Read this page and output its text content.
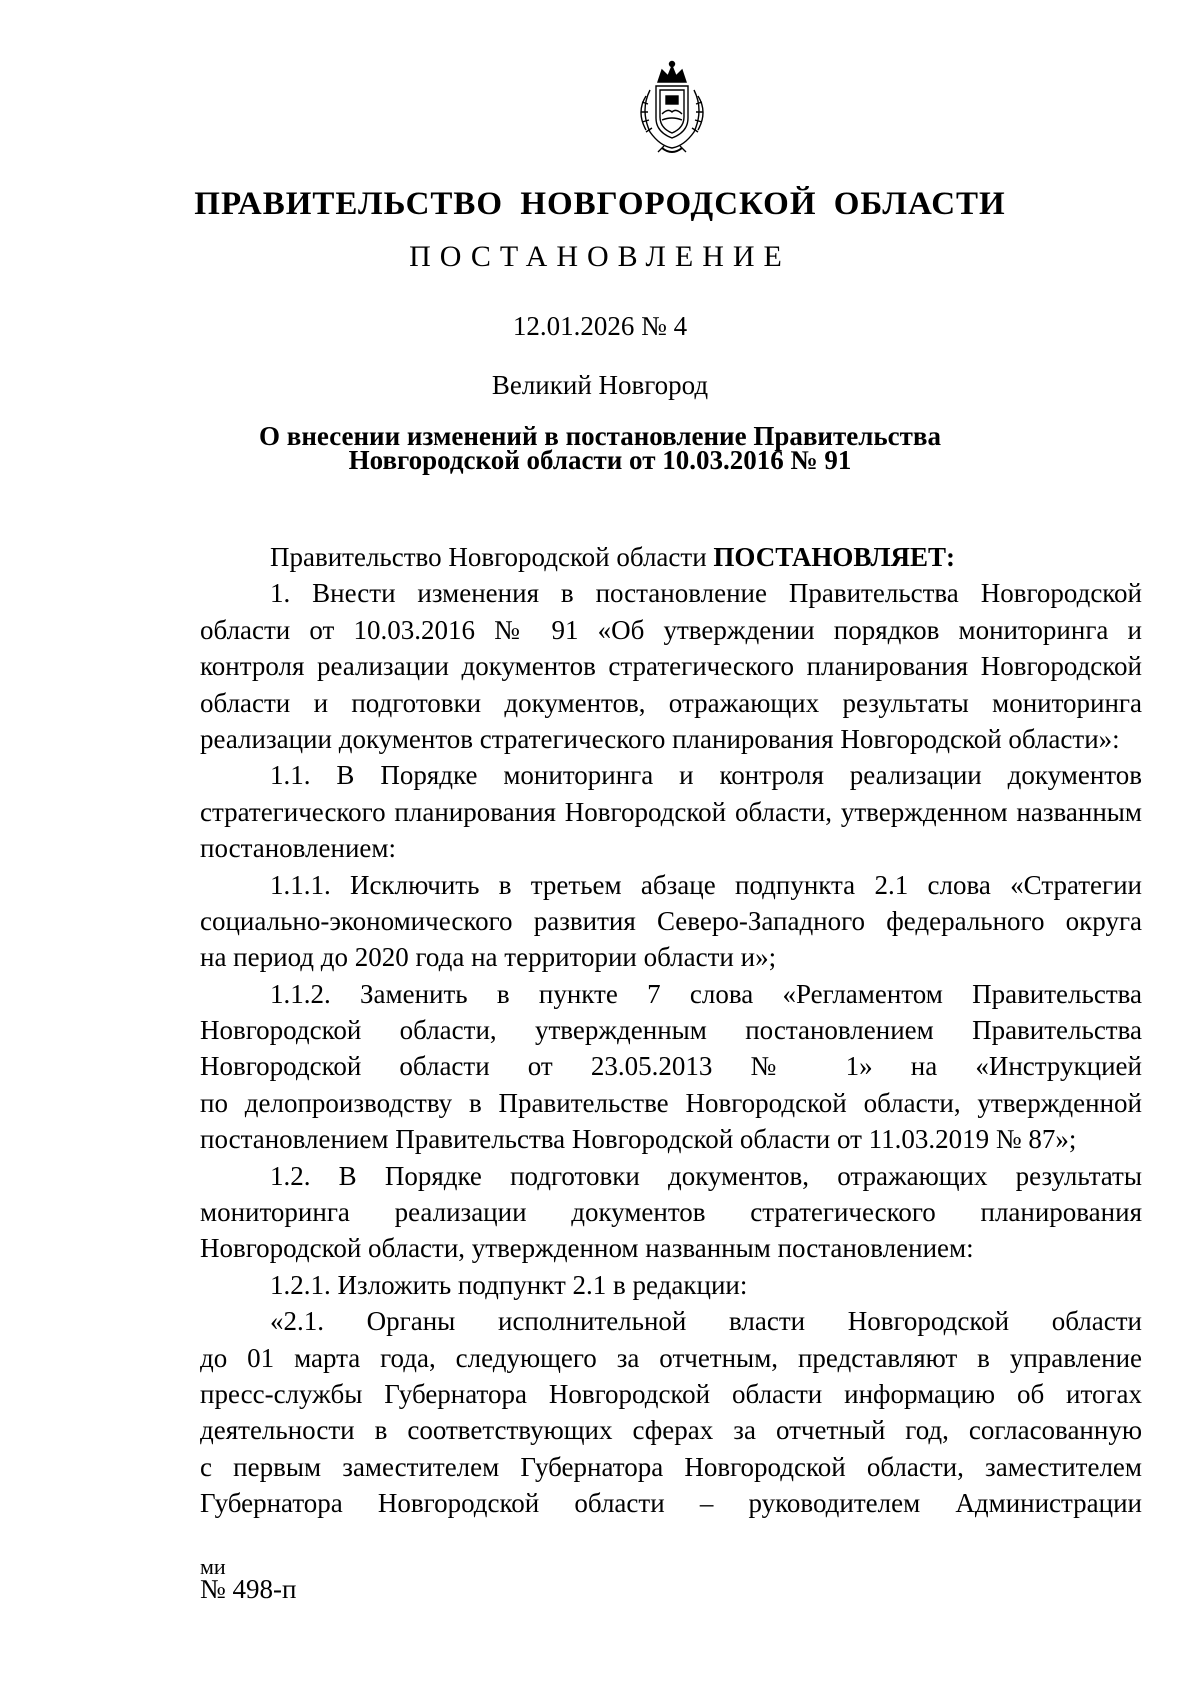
ПРАВИТЕЛЬСТВО НОВГОРОДСКОЙ ОБЛАСТИ
ПОСТАНОВЛЕНИЕ
12.01.2026 № 4
Великий Новгород
О внесении изменений в постановление Правительства
Новгородской области от 10.03.2016 № 91
Правительство Новгородской области ПОСТАНОВЛЯЕТ:
1. Внести изменения в постановление Правительства Новгородской
области от 10.03.2016 № 91 «Об утверждении порядков мониторинга и
контроля реализации документов стратегического планирования Новгородской
области и подготовки документов, отражающих результаты мониторинга
реализации документов стратегического планирования Новгородской области»:
1.1. В Порядке мониторинга и контроля реализации документов
стратегического планирования Новгородской области, утвержденном названным
постановлением:
1.1.1. Исключить в третьем абзаце подпункта 2.1 слова «Стратегии
социально-экономического развития Северо-Западного федерального округа
на период до 2020 года на территории области и»;
1.1.2. Заменить в пункте 7 слова «Регламентом Правительства
Новгородской области, утвержденным постановлением Правительства
Новгородской области от 23.05.2013 № 1» на «Инструкцией
по делопроизводству в Правительстве Новгородской области, утвержденной
постановлением Правительства Новгородской области от 11.03.2019 № 87»;
1.2. В Порядке подготовки документов, отражающих результаты
мониторинга реализации документов стратегического планирования
Новгородской области, утвержденном названным постановлением:
1.2.1. Изложить подпункт 2.1 в редакции:
«2.1. Органы исполнительной власти Новгородской области
до 01 марта года, следующего за отчетным, представляют в управление
пресс-службы Губернатора Новгородской области информацию об итогах
деятельности в соответствующих сферах за отчетный год, согласованную
с первым заместителем Губернатора Новгородской области, заместителем
Губернатора Новгородской области – руководителем Администрации
ми
№ 498-п
